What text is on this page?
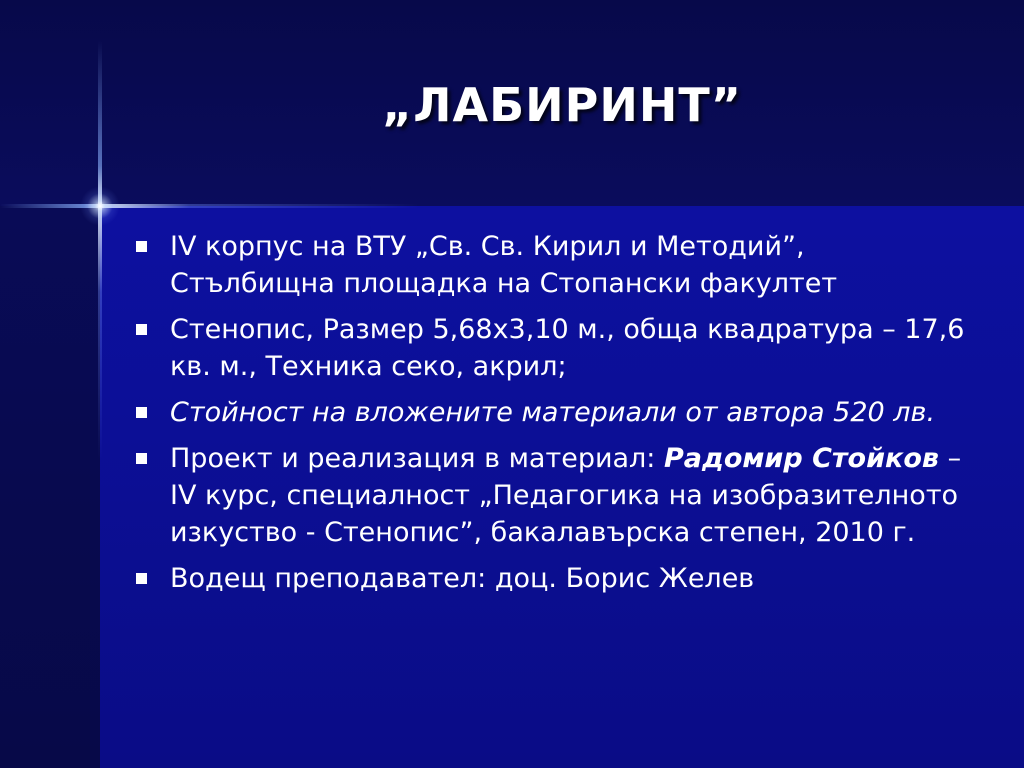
„ЛАБИРИНТ”
IV корпус на ВТУ „Св. Св. Кирил и Методий”, Стълбищна площадка на Стопански факултет
Стенопис, Размер 5,68х3,10 м., обща квадратура – 17,6 кв. м., Техника секо, акрил;
Стойност на вложените материали от автора 520 лв.
Проект и реализация в материал: Радомир Стойков – IV курс, специалност „Педагогика на изобразителното изкуство - Стенопис”, бакалавърска степен, 2010 г.
Водещ преподавател: доц. Борис Желев
